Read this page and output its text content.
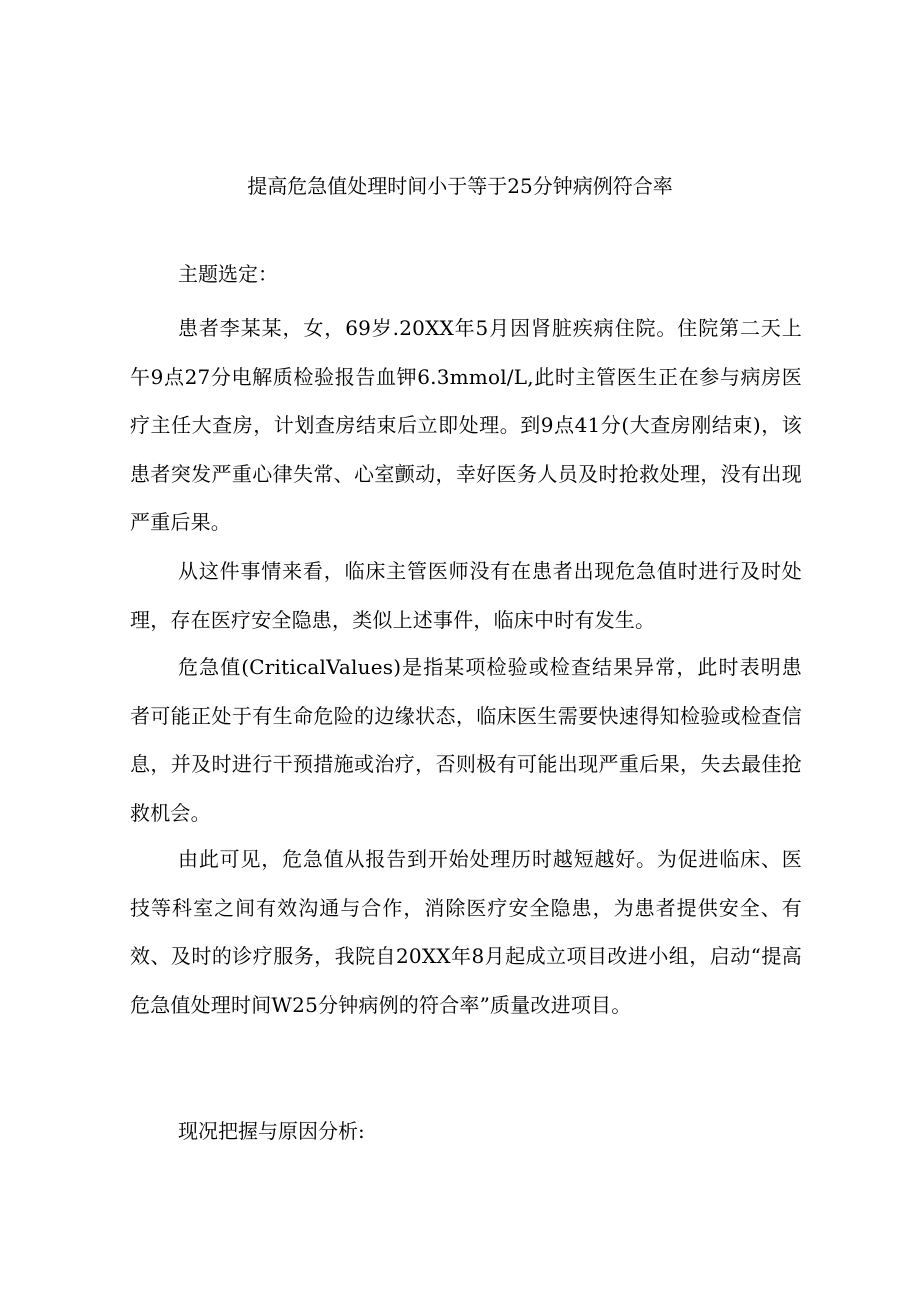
提高危急值处理时间小于等于25分钟病例符合率
主题选定：
患者李某某，女，69岁.20XX年5月因肾脏疾病住院。住院第二天上午9点27分电解质检验报告血钾6.3mmol/L,此时主管医生正在参与病房医疗主任大查房，计划查房结束后立即处理。到9点41分(大查房刚结束)，该患者突发严重心律失常、心室颤动，幸好医务人员及时抢救处理，没有出现严重后果。
从这件事情来看，临床主管医师没有在患者出现危急值时进行及时处理，存在医疗安全隐患，类似上述事件，临床中时有发生。
危急值(CriticalValues)是指某项检验或检查结果异常，此时表明患者可能正处于有生命危险的边缘状态，临床医生需要快速得知检验或检查信息，并及时进行干预措施或治疗，否则极有可能出现严重后果，失去最佳抢救机会。
由此可见，危急值从报告到开始处理历时越短越好。为促进临床、医技等科室之间有效沟通与合作，消除医疗安全隐患，为患者提供安全、有效、及时的诊疗服务，我院自20XX年8月起成立项目改进小组，启动“提高危急值处理时间W25分钟病例的符合率”质量改进项目。
现况把握与原因分析:
